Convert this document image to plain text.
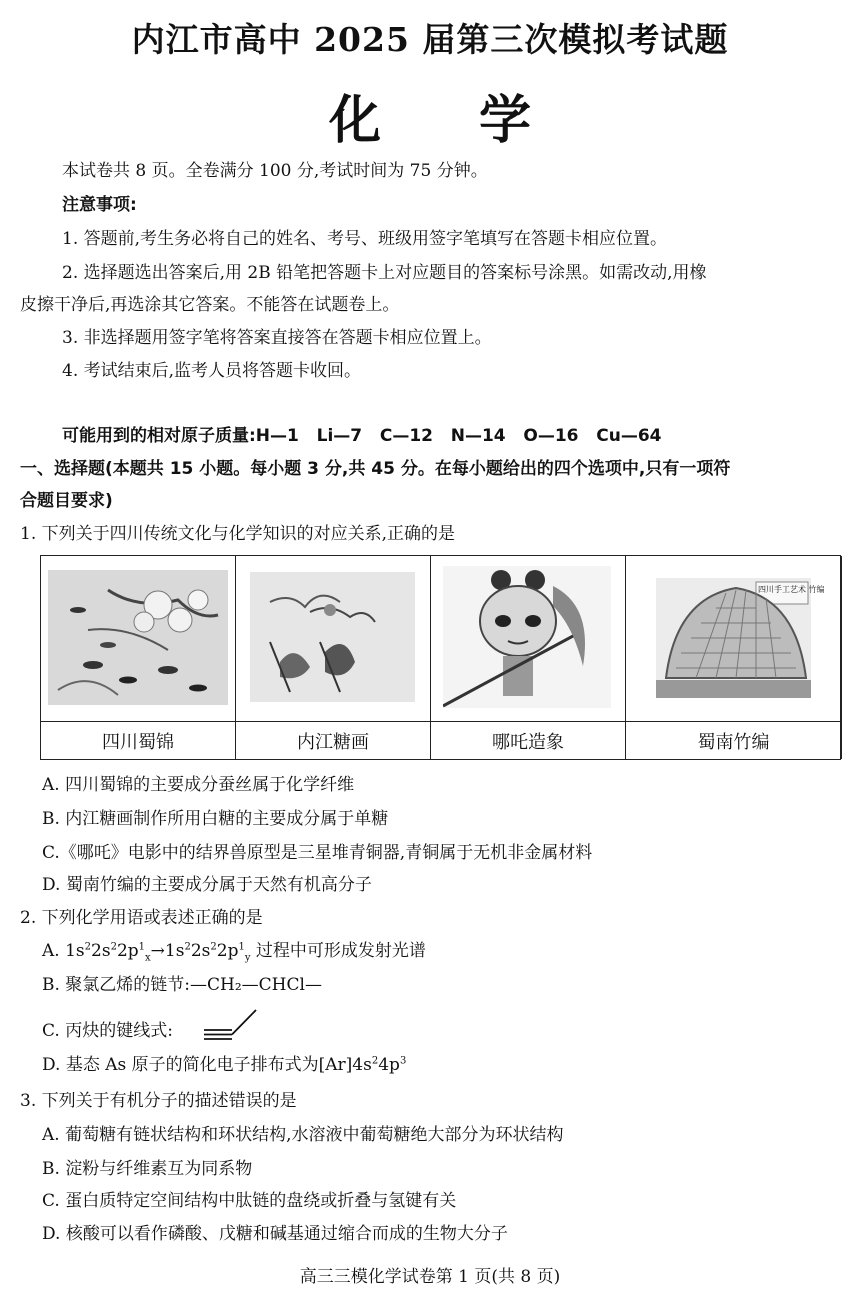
内江市高中 2025 届第三次模拟考试题
化 学
本试卷共 8 页。全卷满分 100 分,考试时间为 75 分钟。
注意事项:
1. 答题前,考生务必将自己的姓名、考号、班级用签字笔填写在答题卡相应位置。
2. 选择题选出答案后,用 2B 铅笔把答题卡上对应题目的答案标号涂黑。如需改动,用橡
皮擦干净后,再选涂其它答案。不能答在试题卷上。
3. 非选择题用签字笔将答案直接答在答题卡相应位置上。
4. 考试结束后,监考人员将答题卡收回。
可能用到的相对原子质量:H—1   Li—7   C—12   N—14   O—16   Cu—64
一、选择题(本题共 15 小题。每小题 3 分,共 45 分。在每小题给出的四个选项中,只有一项符
合题目要求)
1. 下列关于四川传统文化与化学知识的对应关系,正确的是
四川蜀锦	内江糖画	哪吒造象
四川手工艺术 竹编
蜀南竹编
A. 四川蜀锦的主要成分蚕丝属于化学纤维
B. 内江糖画制作所用白糖的主要成分属于单糖
C.《哪吒》电影中的结界兽原型是三星堆青铜器,青铜属于无机非金属材料
D. 蜀南竹编的主要成分属于天然有机高分子
2. 下列化学用语或表述正确的是
A. $1s^22s^22p^1_x\to 1s^22s^22p^1_y$ 过程中可形成发射光谱
B. 聚氯乙烯的链节:—CH₂—CHCl—
C. 丙炔的键线式:
D. 基态 As 原子的简化电子排布式为$[Ar]4s^24p^3$
3. 下列关于有机分子的描述错误的是
A. 葡萄糖有链状结构和环状结构,水溶液中葡萄糖绝大部分为环状结构
B. 淀粉与纤维素互为同系物
C. 蛋白质特定空间结构中肽链的盘绕或折叠与氢键有关
D. 核酸可以看作磷酸、戊糖和碱基通过缩合而成的生物大分子
高三三模化学试卷第 1 页(共 8 页)
